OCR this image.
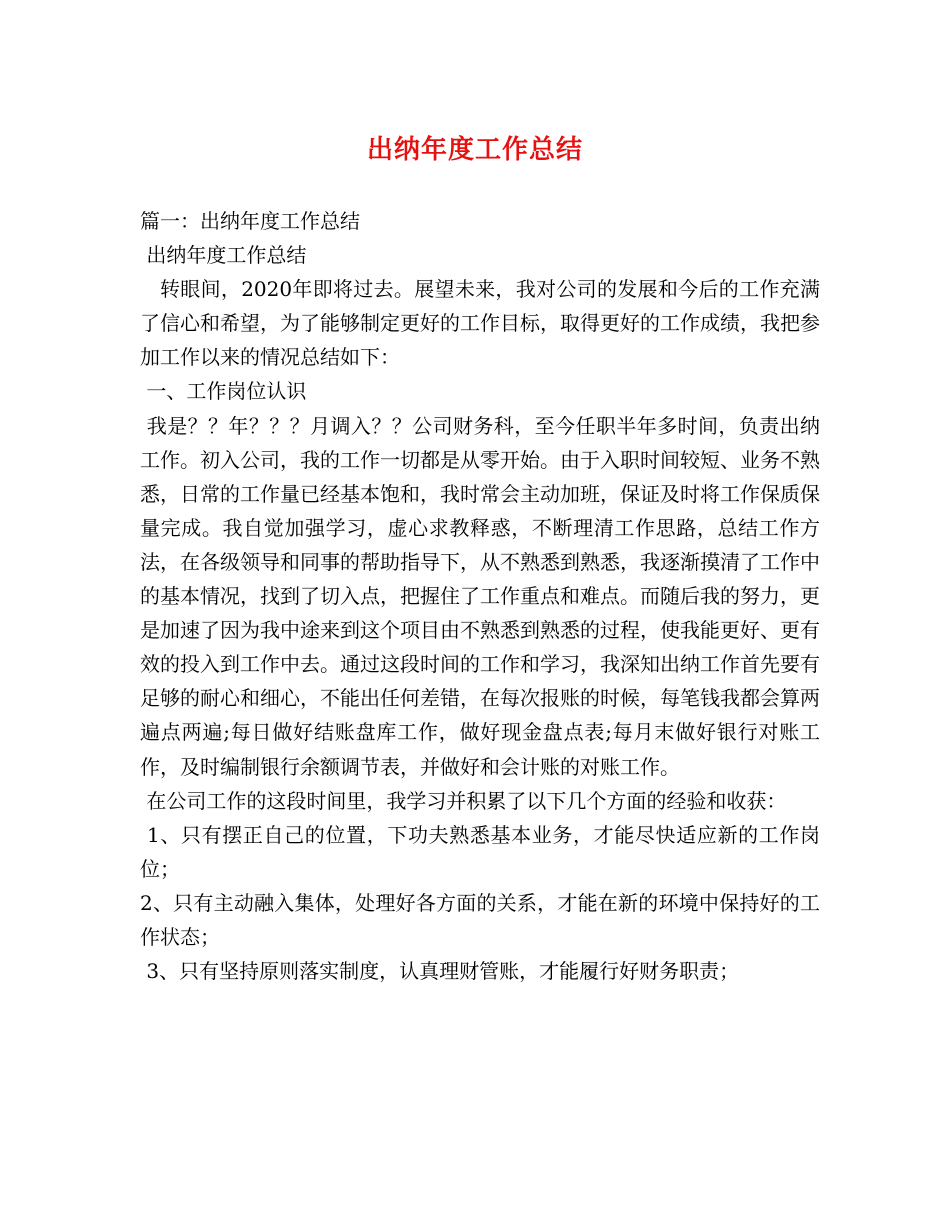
出纳年度工作总结

篇一：出纳年度工作总结

出纳年度工作总结

转眼间，2020年即将过去。展望未来，我对公司的发展和今后的工作充满了信心和希望，为了能够制定更好的工作目标，取得更好的工作成绩，我把参加工作以来的情况总结如下：

一、工作岗位认识

我是？？年？？？月调入？？公司财务科，至今任职半年多时间，负责出纳工作。初入公司，我的工作一切都是从零开始。由于入职时间较短、业务不熟悉，日常的工作量已经基本饱和，我时常会主动加班，保证及时将工作保质保量完成。我自觉加强学习，虚心求教释惑，不断理清工作思路，总结工作方法，在各级领导和同事的帮助指导下，从不熟悉到熟悉，我逐渐摸清了工作中的基本情况，找到了切入点，把握住了工作重点和难点。而随后我的努力，更是加速了因为我中途来到这个项目由不熟悉到熟悉的过程，使我能更好、更有效的投入到工作中去。通过这段时间的工作和学习，我深知出纳工作首先要有足够的耐心和细心，不能出任何差错，在每次报账的时候，每笔钱我都会算两遍点两遍;每日做好结账盘库工作，做好现金盘点表;每月末做好银行对账工作，及时编制银行余额调节表，并做好和会计账的对账工作。

在公司工作的这段时间里，我学习并积累了以下几个方面的经验和收获：

1、只有摆正自己的位置，下功夫熟悉基本业务，才能尽快适应新的工作岗位；

2、只有主动融入集体，处理好各方面的关系，才能在新的环境中保持好的工作状态；

3、只有坚持原则落实制度，认真理财管账，才能履行好财务职责；
